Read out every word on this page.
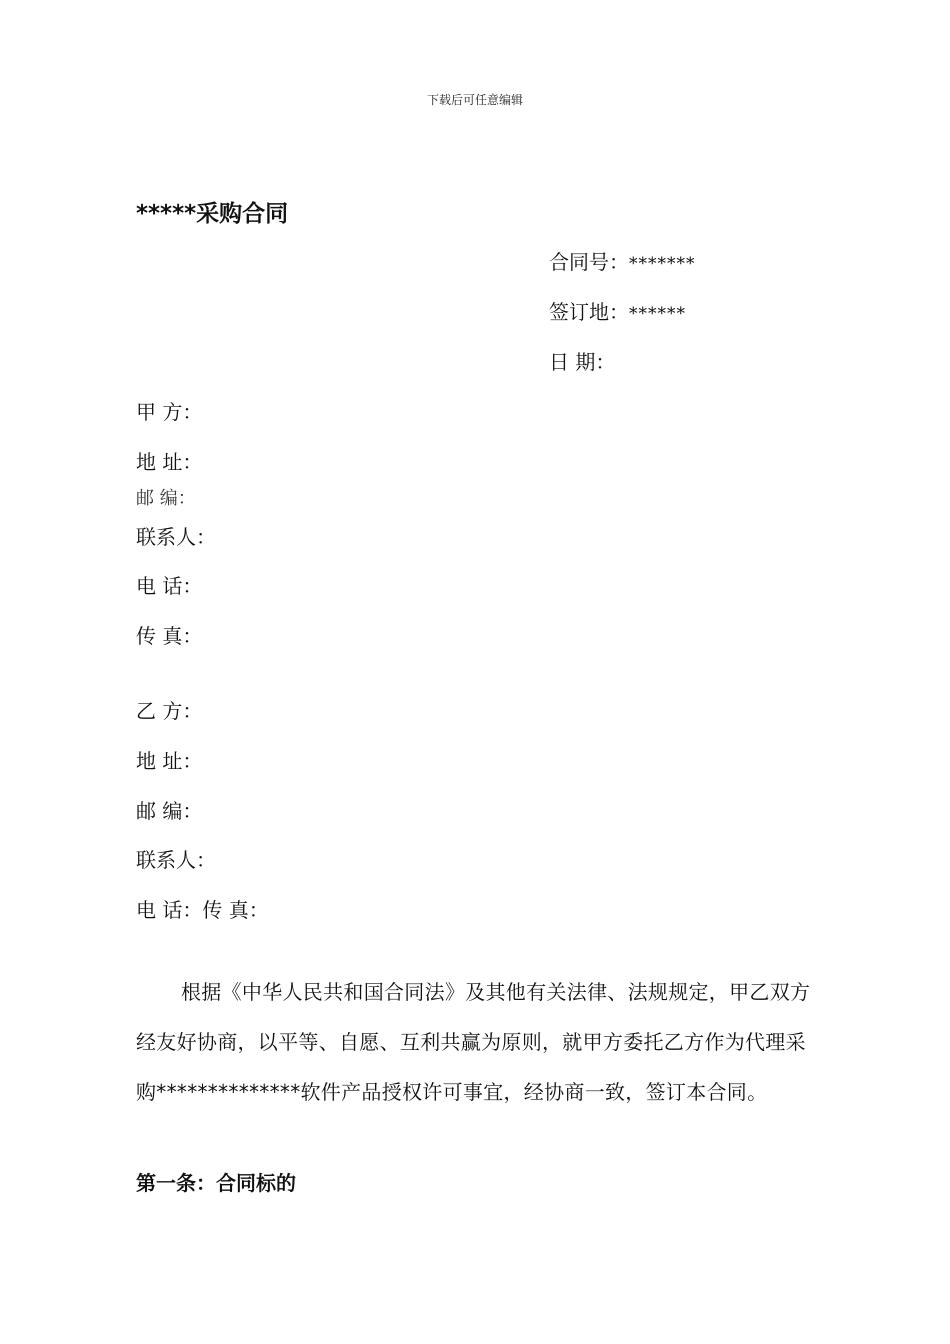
下载后可任意编辑
*****采购合同
合同号：*******
签订地：******
日 期：
甲 方：
地 址：
邮 编：
联系人：
电 话：
传 真：
乙 方：
地 址：
邮 编：
联系人：
电 话：传 真：

根据《中华人民共和国合同法》及其他有关法律、法规规定，甲乙双方经友好协商，以平等、自愿、互利共赢为原则，就甲方委托乙方作为代理采购**************软件产品授权许可事宜，经协商一致，签订本合同。

第一条：合同标的
